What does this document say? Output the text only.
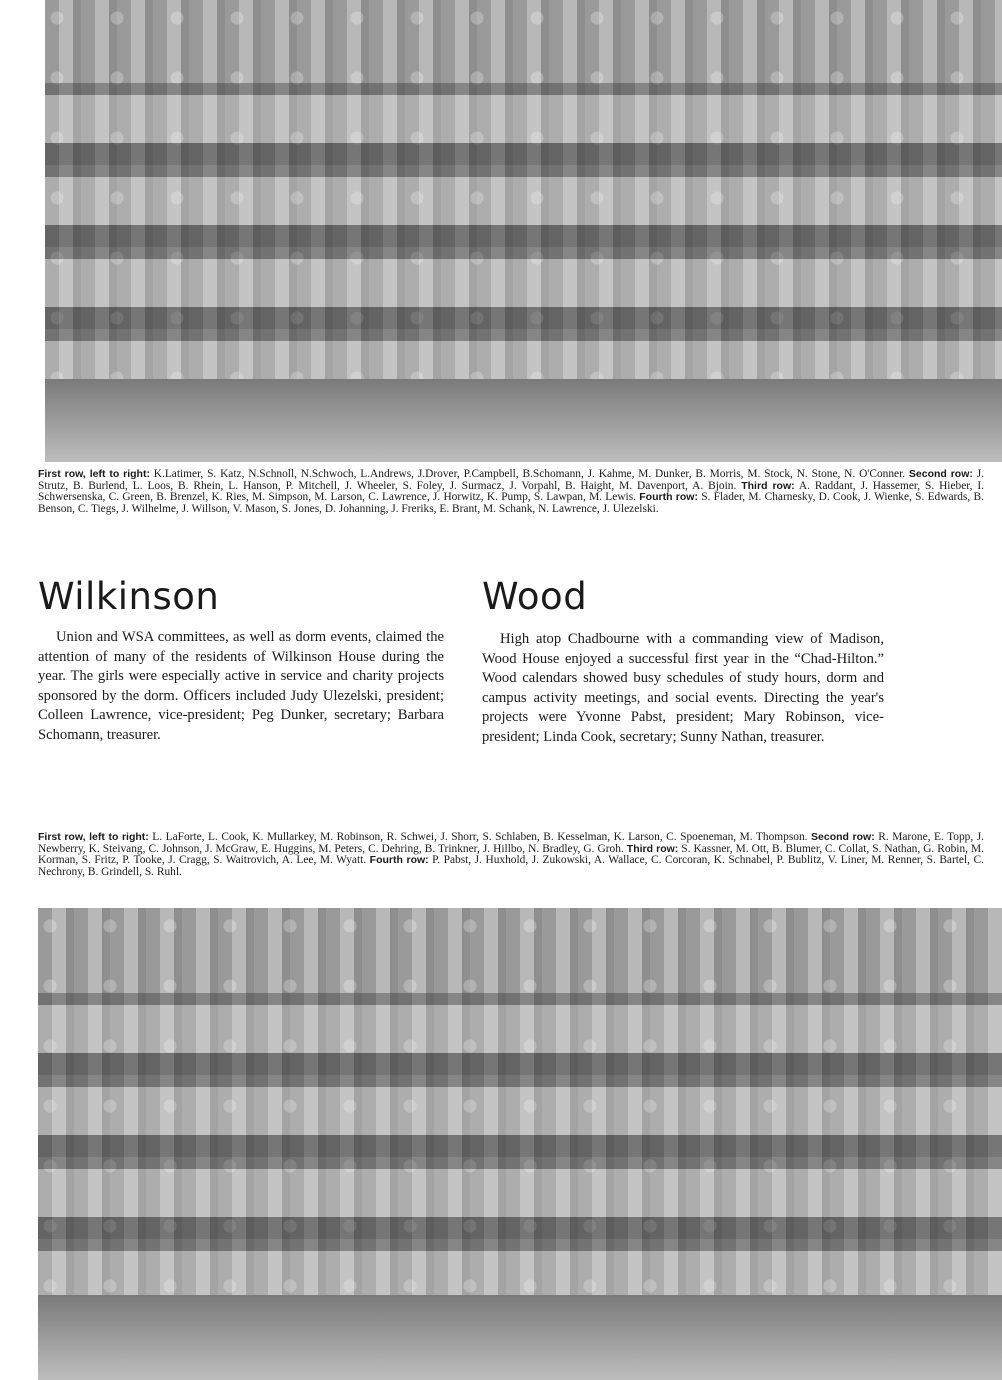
First row, left to right: K.Latimer, S. Katz, N.Schnoll, N.Schwoch, L.Andrews, J.Drover, P.Campbell, B.Schomann, J. Kahme, M. Dunker, B. Morris, M. Stock, N. Stone, N. O'Conner. Second row: J. Strutz, B. Burlend, L. Loos, B. Rhein, L. Hanson, P. Mitchell, J. Wheeler, S. Foley, J. Surmacz, J. Vorpahl, B. Haight, M. Davenport, A. Bjoin. Third row: A. Raddant, J. Hassemer, S. Hieber, I. Schwersenska, C. Green, B. Brenzel, K. Ries, M. Simpson, M. Larson, C. Lawrence, J. Horwitz, K. Pump, S. Lawpan, M. Lewis. Fourth row: S. Flader, M. Charnesky, D. Cook, J. Wienke, S. Edwards, B. Benson, C. Tiegs, J. Wilhelme, J. Willson, V. Mason, S. Jones, D. Johanning, J. Freriks, E. Brant, M. Schank, N. Lawrence, J. Ulezelski.

Wilkinson

Union and WSA committees, as well as dorm events, claimed the attention of many of the residents of Wilkinson House during the year. The girls were especially active in service and charity projects sponsored by the dorm. Officers included Judy Ulezelski, president; Colleen Lawrence, vice-president; Peg Dunker, secretary; Barbara Schomann, treasurer.

Wood

High atop Chadbourne with a commanding view of Madison, Wood House enjoyed a successful first year in the “Chad-Hilton.” Wood calendars showed busy schedules of study hours, dorm and campus activity meetings, and social events. Directing the year's projects were Yvonne Pabst, president; Mary Robinson, vice-president; Linda Cook, secretary; Sunny Nathan, treasurer.

First row, left to right: L. LaForte, L. Cook, K. Mullarkey, M. Robinson, R. Schwei, J. Shorr, S. Schlaben, B. Kesselman, K. Larson, C. Spoeneman, M. Thompson. Second row: R. Marone, E. Topp, J. Newberry, K. Steivang, C. Johnson, J. McGraw, E. Huggins, M. Peters, C. Dehring, B. Trinkner, J. Hillbo, N. Bradley, G. Groh. Third row: S. Kassner, M. Ott, B. Blumer, C. Collat, S. Nathan, G. Robin, M. Korman, S. Fritz, P. Tooke, J. Cragg, S. Waitrovich, A. Lee, M. Wyatt. Fourth row: P. Pabst, J. Huxhold, J. Zukowski, A. Wallace, C. Corcoran, K. Schnabel, P. Bublitz, V. Liner, M. Renner, S. Bartel, C. Nechrony, B. Grindell, S. Ruhl.
